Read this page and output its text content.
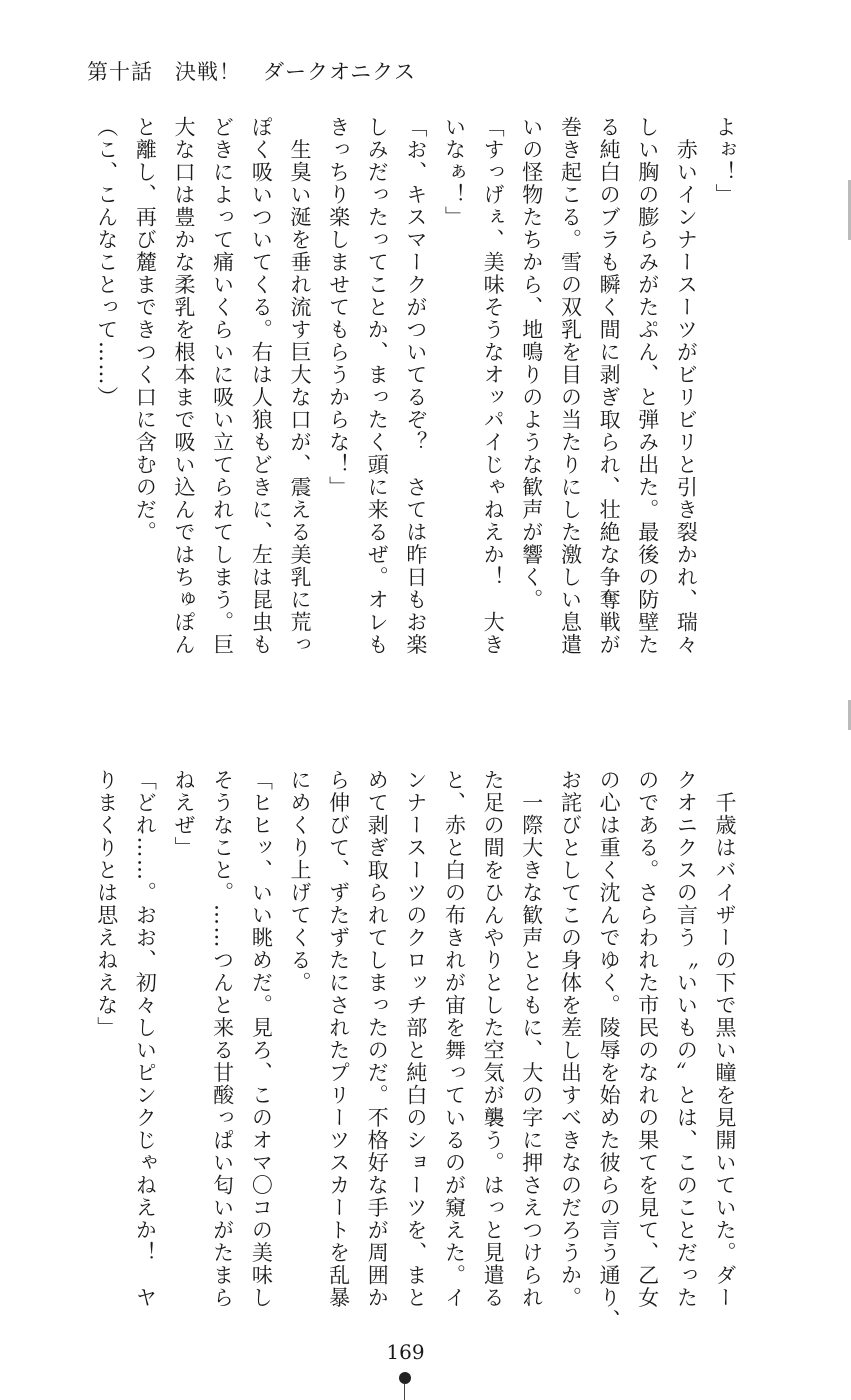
第十話　決戦！　ダークオニクス
よぉ！」
　赤いインナースーツがビリビリと引き裂かれ、瑞々
しい胸の膨らみがたぷん、と弾み出た。最後の防壁た
る純白のブラも瞬く間に剥ぎ取られ、壮絶な争奪戦が
巻き起こる。雪の双乳を目の当たりにした激しい息遣
いの怪物たちから、地鳴りのような歓声が響く。
「すっげぇ、美味そうなオッパイじゃねえか！　大き
いなぁ！」
「お、キスマークがついてるぞ？　さては昨日もお楽
しみだったってことか、まったく頭に来るぜ。オレも
きっちり楽しませてもらうからな！」
　生臭い涎を垂れ流す巨大な口が、震える美乳に荒っ
ぽく吸いついてくる。右は人狼もどきに、左は昆虫も
どきによって痛いくらいに吸い立てられてしまう。巨
大な口は豊かな柔乳を根本まで吸い込んではちゅぽん
と離し、再び麓まできつく口に含むのだ。
（こ、こんなことって……）
　千歳はバイザーの下で黒い瞳を見開いていた。ダー
クオニクスの言う〝いいもの〟とは、このことだった
のである。さらわれた市民のなれの果てを見て、乙女
の心は重く沈んでゆく。陵辱を始めた彼らの言う通り、
お詫びとしてこの身体を差し出すべきなのだろうか。
　一際大きな歓声とともに、大の字に押さえつけられ
た足の間をひんやりとした空気が襲う。はっと見遣る
と、赤と白の布きれが宙を舞っているのが窺えた。イ
ンナースーツのクロッチ部と純白のショーツを、まと
めて剥ぎ取られてしまったのだ。不格好な手が周囲か
ら伸びて、ずたずたにされたプリーツスカートを乱暴
にめくり上げてくる。
「ヒヒッ、いい眺めだ。見ろ、このオマ〇コの美味し
そうなこと。……つんと来る甘酸っぱい匂いがたまら
ねえぜ」
「どれ……。おお、初々しいピンクじゃねえか！　ヤ
りまくりとは思えねえな」
169
